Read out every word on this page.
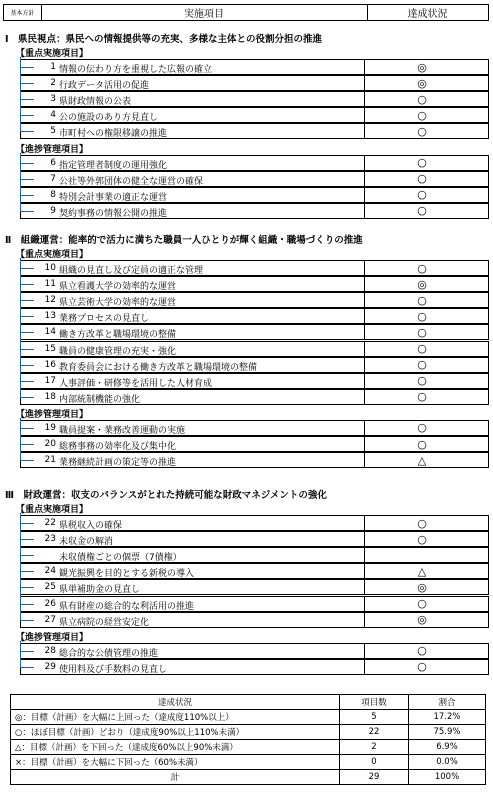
基本方針	実施項目	達成状況
Ⅰ　県民視点：県民への情報提供等の充実、多様な主体との役割分担の推進
【重点実施項目】
1 情報の伝わり方を重視した広報の確立	◎
2 行政データ活用の促進	◎
3 県財政情報の公表	○
4 公の施設のあり方見直し	○
5 市町村への権限移譲の推進	○
【進捗管理項目】
6 指定管理者制度の運用強化	○
7 公社等外郭団体の健全な運営の確保	○
8 特別会計事業の適正な運営	○
9 契約事務の情報公開の推進	○
Ⅱ　組織運営：能率的で活力に満ちた職員一人ひとりが輝く組織・職場づくりの推進
【重点実施項目】
10 組織の見直し及び定員の適正な管理	○
11 県立看護大学の効率的な運営	◎
12 県立芸術大学の効率的な運営	○
13 業務プロセスの見直し	○
14 働き方改革と職場環境の整備	○
15 職員の健康管理の充実・強化	○
16 教育委員会における働き方改革と職場環境の整備	○
17 人事評価・研修等を活用した人材育成	○
18 内部統制機能の強化	○
【進捗管理項目】
19 職員提案・業務改善運動の実施	○
20 総務事務の効率化及び集中化	○
21 業務継続計画の策定等の推進	△
Ⅲ　財政運営：収支のバランスがとれた持続可能な財政マネジメントの強化
【重点実施項目】
22 県税収入の確保	○
23 未収金の解消	○
未収債権ごとの個票（7債権）
24 観光振興を目的とする新税の導入	△
25 県単補助金の見直し	◎
26 県有財産の総合的な利活用の推進	○
27 県立病院の経営安定化	◎
【進捗管理項目】
28 総合的な公債管理の推進	○
29 使用料及び手数料の見直し	○
達成状況	項目数	割合
◎：目標（計画）を大幅に上回った（達成度110%以上）	5	17.2%
○：ほぼ目標（計画）どおり（達成度90%以上110%未満）	22	75.9%
△：目標（計画）を下回った（達成度60%以上90%未満）	2	6.9%
×：目標（計画）を大幅に下回った（60%未満）	0	0.0%
計	29	100%
